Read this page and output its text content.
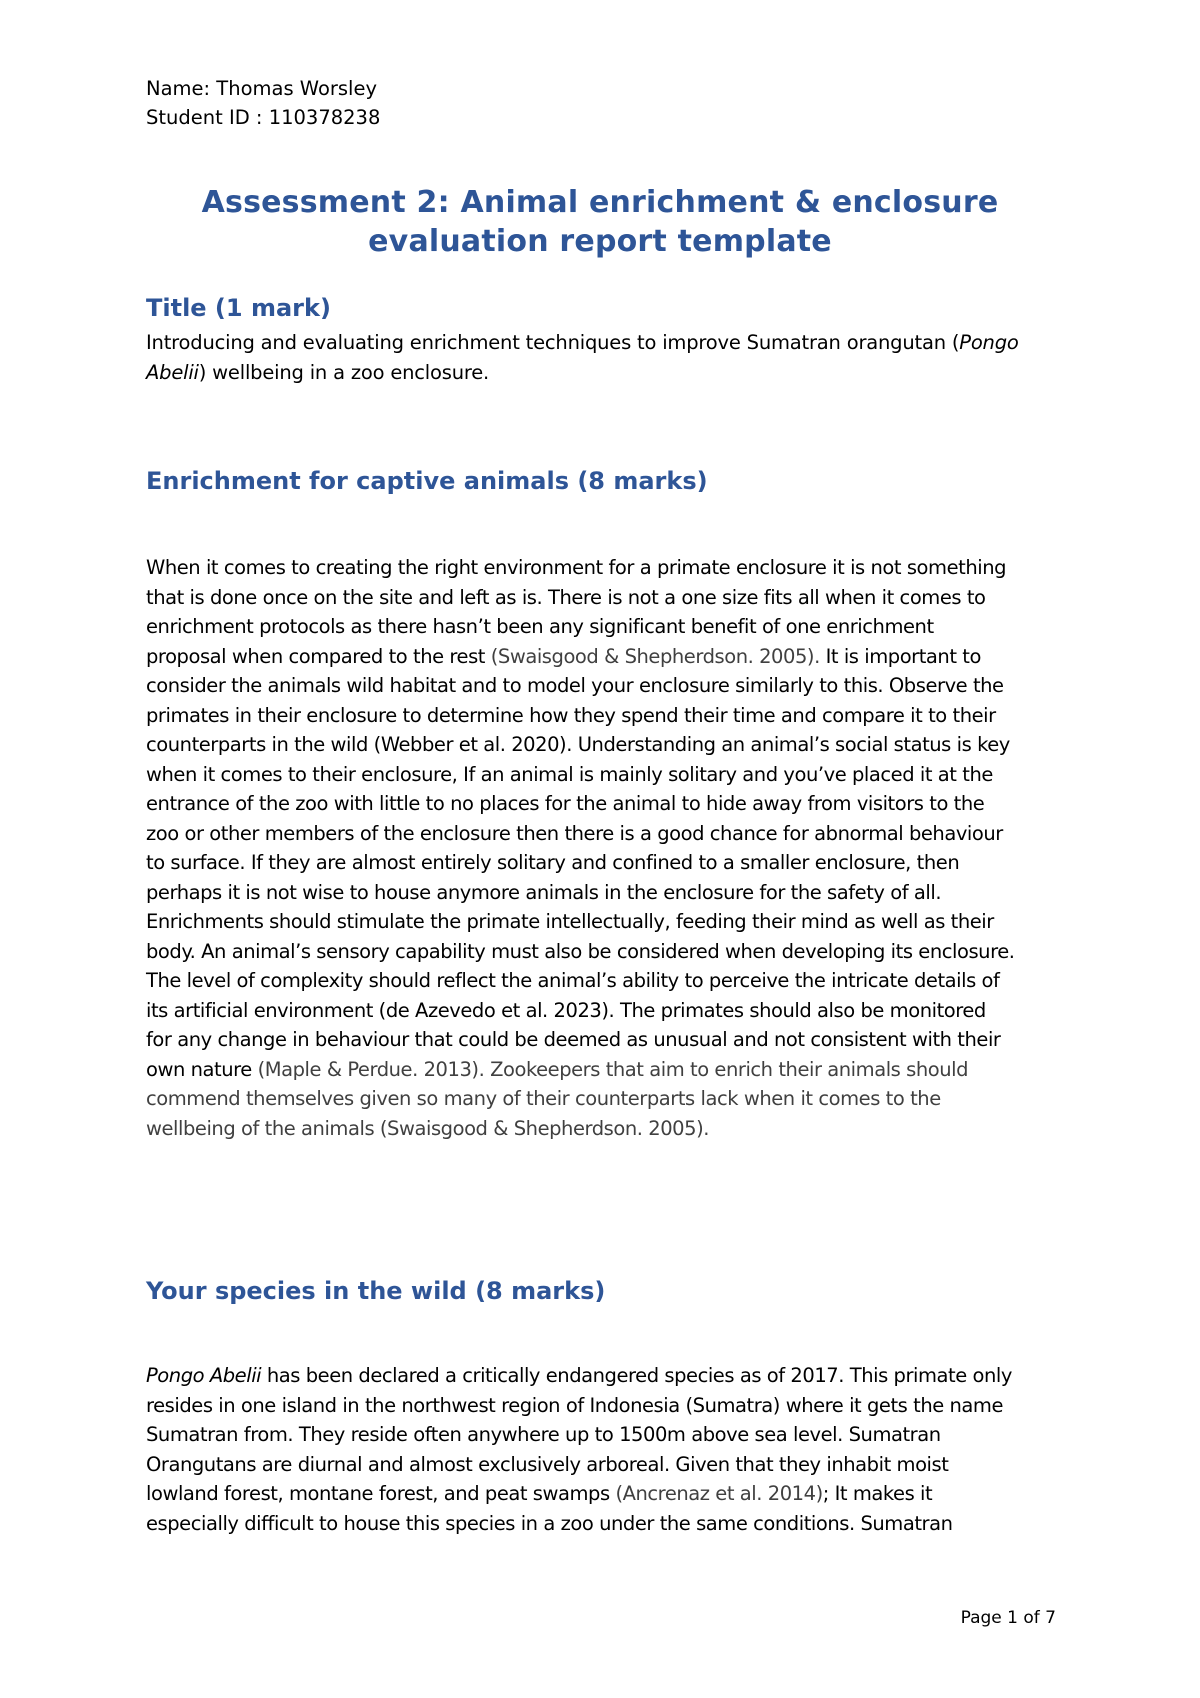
Name: Thomas Worsley
Student ID : 110378238
Assessment 2: Animal enrichment & enclosure
evaluation report template
Title (1 mark)
Introducing and evaluating enrichment techniques to improve Sumatran orangutan (Pongo
Abelii) wellbeing in a zoo enclosure.
Enrichment for captive animals (8 marks)
When it comes to creating the right environment for a primate enclosure it is not something
that is done once on the site and left as is. There is not a one size fits all when it comes to
enrichment protocols as there hasn’t been any significant benefit of one enrichment
proposal when compared to the rest (Swaisgood & Shepherdson. 2005). It is important to
consider the animals wild habitat and to model your enclosure similarly to this. Observe the
primates in their enclosure to determine how they spend their time and compare it to their
counterparts in the wild (Webber et al. 2020). Understanding an animal’s social status is key
when it comes to their enclosure, If an animal is mainly solitary and you’ve placed it at the
entrance of the zoo with little to no places for the animal to hide away from visitors to the
zoo or other members of the enclosure then there is a good chance for abnormal behaviour
to surface. If they are almost entirely solitary and confined to a smaller enclosure, then
perhaps it is not wise to house anymore animals in the enclosure for the safety of all.
Enrichments should stimulate the primate intellectually, feeding their mind as well as their
body. An animal’s sensory capability must also be considered when developing its enclosure.
The level of complexity should reflect the animal’s ability to perceive the intricate details of
its artificial environment (de Azevedo et al. 2023). The primates should also be monitored
for any change in behaviour that could be deemed as unusual and not consistent with their
own nature (Maple & Perdue. 2013). Zookeepers that aim to enrich their animals should
commend themselves given so many of their counterparts lack when it comes to the
wellbeing of the animals (Swaisgood & Shepherdson. 2005).
Your species in the wild (8 marks)
Pongo Abelii has been declared a critically endangered species as of 2017. This primate only
resides in one island in the northwest region of Indonesia (Sumatra) where it gets the name
Sumatran from. They reside often anywhere up to 1500m above sea level. Sumatran
Orangutans are diurnal and almost exclusively arboreal. Given that they inhabit moist
lowland forest, montane forest, and peat swamps (Ancrenaz et al. 2014); It makes it
especially difficult to house this species in a zoo under the same conditions. Sumatran
Page 1 of 7
